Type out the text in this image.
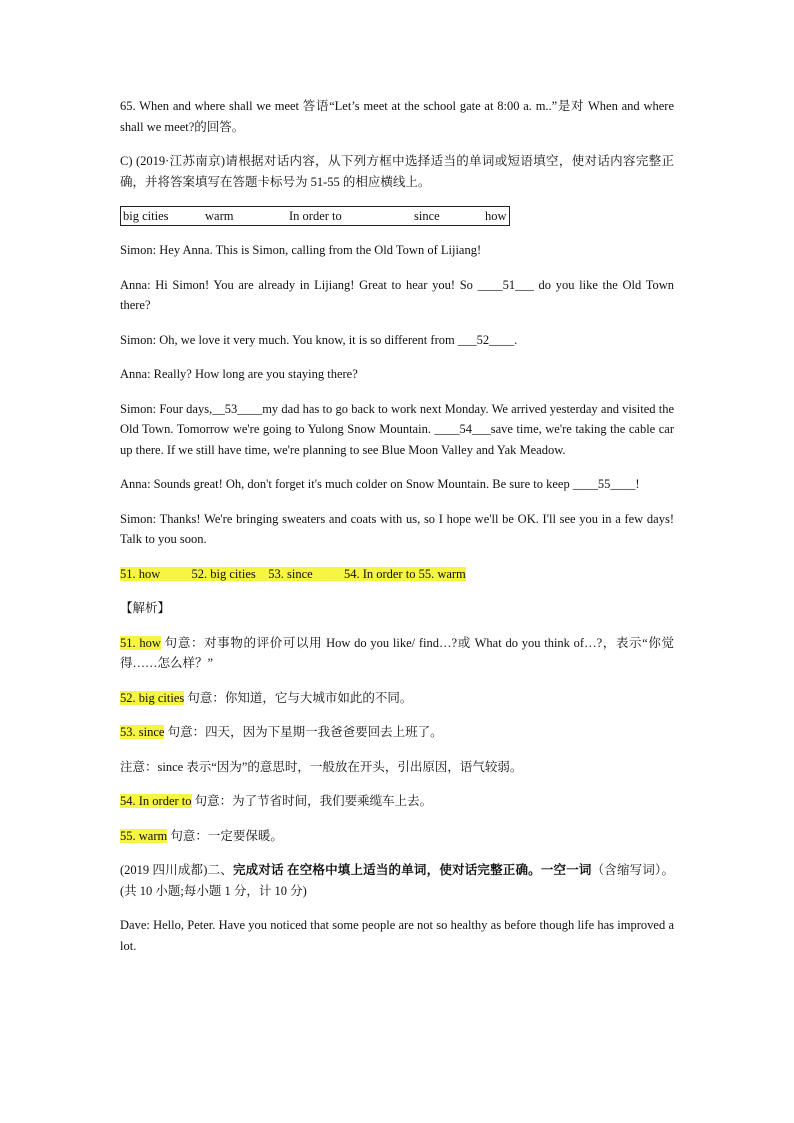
65. When and where shall we meet 答语“Let’s meet at the school gate at 8:00 a. m..”是对 When and where shall we meet?的回答。

C) (2019·江苏南京)请根据对话内容，从下列方框中选择适当的单词或短语填空，使对话内容完整正确，并将答案填写在答题卡标号为 51-55 的相应横线上。

big cities	warm	In order to	since	how

Simon: Hey Anna. This is Simon, calling from the Old Town of Lijiang!

Anna: Hi Simon! You are already in Lijiang! Great to hear you! So ____51___ do you like the Old Town there?

Simon: Oh, we love it very much. You know, it is so different from ___52____.

Anna: Really? How long are you staying there?

Simon: Four days,__53____my dad has to go back to work next Monday. We arrived yesterday and visited the Old Town. Tomorrow we're going to Yulong Snow Mountain. ____54___save time, we're taking the cable car up there. If we still have time, we're planning to see Blue Moon Valley and Yak Meadow.

Anna: Sounds great! Oh, don't forget it's much colder on Snow Mountain. Be sure to keep ____55____!

Simon: Thanks! We're bringing sweaters and coats with us, so I hope we'll be OK. I'll see you in a few days! Talk to you soon.

51. how          52. big cities    53. since          54. In order to 55. warm

【解析】

51. how 句意：对事物的评价可以用 How do you like/ find…?或 What do you think of…?，表示“你觉得……怎么样？”

52. big cities 句意：你知道，它与大城市如此的不同。

53. since 句意：四天，因为下星期一我爸爸要回去上班了。

注意：since 表示“因为”的意思时，一般放在开头，引出原因，语气较弱。

54. In order to 句意：为了节省时间，我们要乘缆车上去。

55. warm 句意：一定要保暖。

(2019 四川成都)二、完成对话 在空格中填上适当的单词，使对话完整正确。一空一词（含缩写词）。(共 10 小题;每小题 1 分，计 10 分)

Dave: Hello, Peter. Have you noticed that some people are not so healthy as before though life has improved a lot.
